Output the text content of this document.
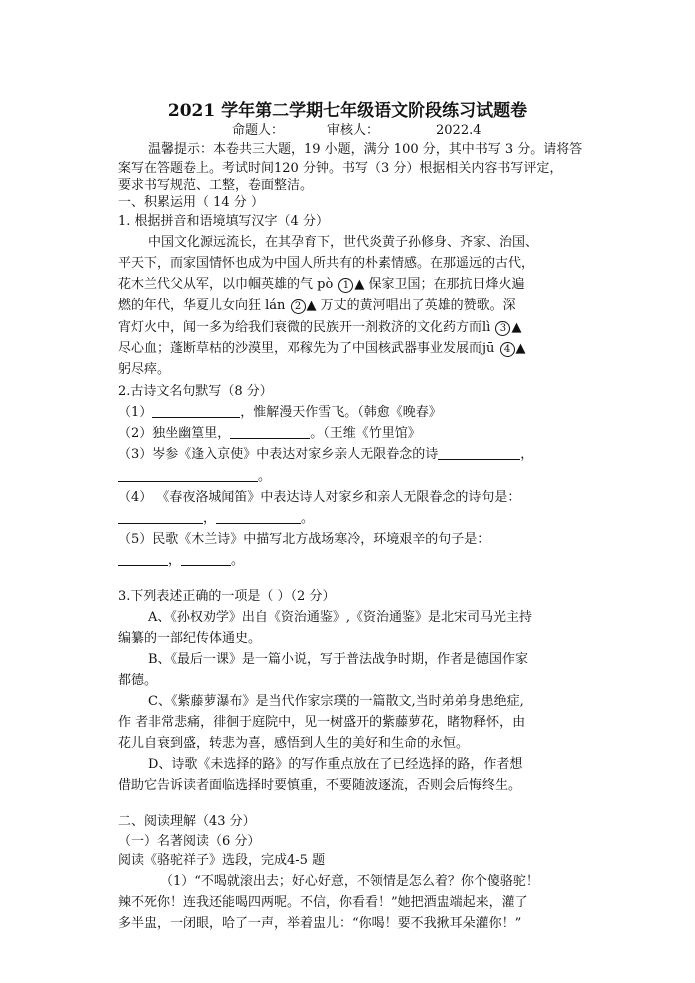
2021 学年第二学期七年级语文阶段练习试题卷
命题人：	审核人：	2022.4
温馨提示：本卷共三大题，19 小题，满分 100 分，其中书写 3 分。请将答
案写在答题卷上。考试时间120 分钟。书写（3 分）根据相关内容书写评定，
要求书写规范、工整，卷面整洁。
一、积累运用（ 14 分 ）
1. 根据拼音和语境填写汉字（4 分）
中国文化源远流长，在其孕育下，世代炎黄子孙修身、齐家、治国、
平天下，而家国情怀也成为中国人所共有的朴素情感。在那遥远的古代，
花木兰代父从军，以巾帼英雄的气 pò 1 ▲ 保家卫国；在那抗日烽火遍
燃的年代，华夏儿女向狂 lán 2 ▲ 万丈的黄河唱出了英雄的赞歌。深
宵灯火中，闻一多为给我们衰微的民族开一剂救济的文化药方而lì 3 ▲
尽心血；蓬断草枯的沙漠里，邓稼先为了中国核武器事业发展而jū 4 ▲
躬尽瘁。
2.古诗文名句默写（8 分）
（1）	，惟解漫天作雪飞。（韩愈《晚春》
（2）独坐幽篁里，	。（王维《竹里馆》
（3）岑参《逢入京使》中表达对家乡亲人无限眷念的诗	，
。
（4） 《春夜洛城闻笛》中表达诗人对家乡和亲人无限眷念的诗句是：
，	。
（5）民歌《木兰诗》中描写北方战场寒冷，环境艰辛的句子是：
，	。
3.下列表述正确的一项是（ ）（2 分）
A、《孙权劝学》出自《资治通鉴》,《资治通鉴》是北宋司马光主持
编纂的一部纪传体通史。
B、《最后一课》是一篇小说，写于普法战争时期，作者是德国作家
都德。
C、《紫藤萝瀑布》是当代作家宗璞的一篇散文,当时弟弟身患绝症,
作 者非常悲痛，徘徊于庭院中，见一树盛开的紫藤萝花，睹物释怀，由
花儿自衰到盛，转悲为喜，感悟到人生的美好和生命的永恒。
D、诗歌《未选择的路》的写作重点放在了已经选择的路，作者想
借助它告诉读者面临选择时要慎重，不要随波逐流，否则会后悔终生。
二、阅读理解（43 分）
（一）名著阅读（6 分）
阅读《骆驼祥子》选段，完成4-5 题
（1）“不喝就滚出去；好心好意，不领情是怎么着？你个傻骆驼！
辣不死你！连我还能喝四两呢。不信，你看看！”她把酒盅端起来，灌了
多半盅，一闭眼，哈了一声，举着盅儿：“你喝！要不我揪耳朵灌你！”
